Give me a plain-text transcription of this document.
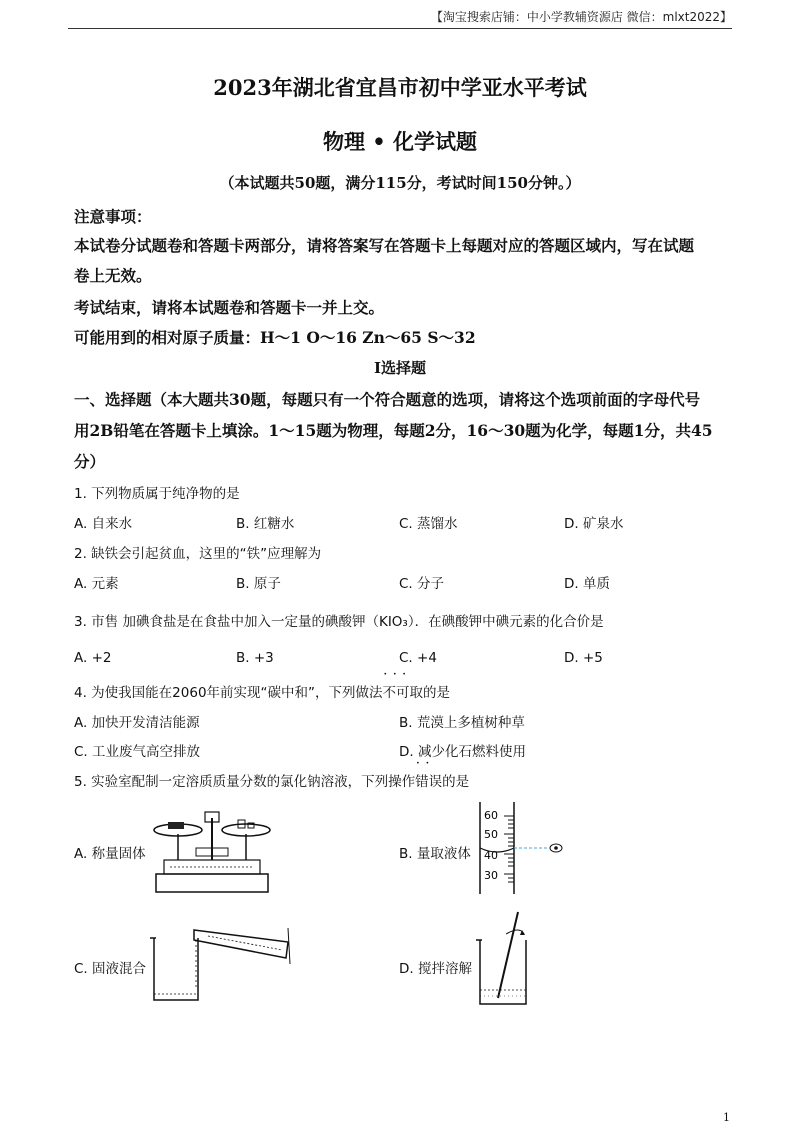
【淘宝搜索店铺：中小学教辅资源店 微信：mlxt2022】
2023年湖北省宜昌市初中学亚水平考试
物理 • 化学试题
（本试题共50题，满分115分，考试时间150分钟。）
注意事项：
本试卷分试题卷和答题卡两部分，请将答案写在答题卡上每题对应的答题区域内，写在试题
卷上无效。
考试结束，请将本试题卷和答题卡一并上交。
可能用到的相对原子质量：H～1 O～16 Zn～65 S～32
Ⅰ选择题
一、选择题（本大题共30题，每题只有一个符合题意的选项，请将这个选项前面的字母代号
用2B铅笔在答题卡上填涂。1～15题为物理，每题2分，16～30题为化学，每题1分，共45
分）
1. 下列物质属于纯净物的是
A. 自来水	B. 红糖水	C. 蒸馏水	D. 矿泉水
2. 缺铁会引起贫血，这里的“铁”应理解为
A. 元素	B. 原子	C. 分子	D. 单质
3. 市售 加碘食盐是在食盐中加入一定量的碘酸钾（KIO₃）．在碘酸钾中碘元素的化合价是
A. +2	B. +3	C. +4	D. +5
4. 为使我国能在2060年前实现“碳中和”，下列做法• • • 不可取的是
A. 加快开发清洁能源	B. 荒漠上多植树种草
C. 工业废气高空排放	D. 减少化石燃料使用
5. 实验室配制一定溶质质量分数的氯化钠溶液，下列操作• • 错误的是
A. 称量固体	B. 量取液体
C. 固液混合	D. 搅拌溶解
60
50
40
30
1
